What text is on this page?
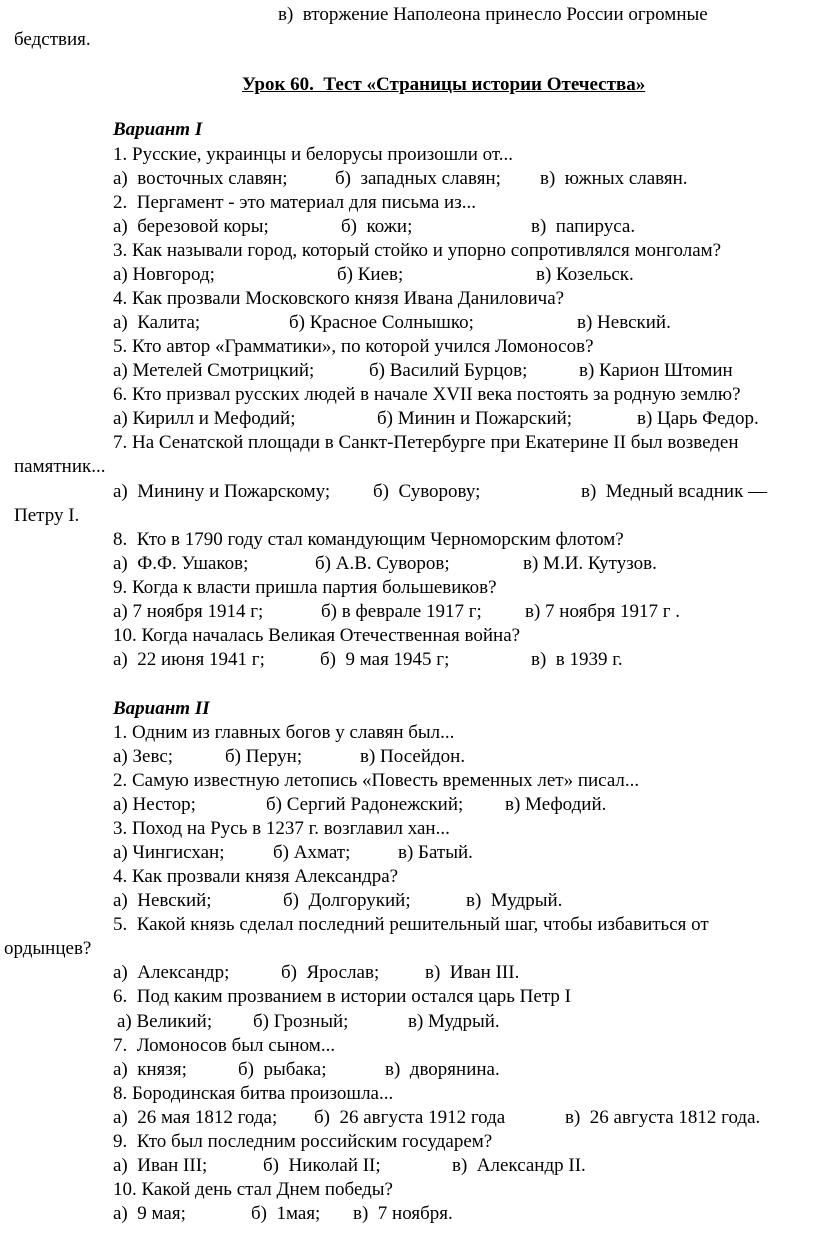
в)  вторжение Наполеона принесло России огромные
бедствия.
Урок 60.  Тест «Страницы истории Отечества»
Вариант I
1. Русские, украинцы и белорусы произошли от...
а)  восточных славян; б)  западных славян; в)  южных славян.
2.  Пергамент - это материал для письма из...
а)  березовой коры;	б)  кожи;	в)  папируса.
3. Как называли город, который стойко и упорно сопротивлялся монголам?
а) Новгород;	б) Киев;	в) Козельск.
4. Как прозвали Московского князя Ивана Даниловича?
а)  Калита;	б) Красное Солнышко;	в) Невский.
5. Кто автор «Грамматики», по которой учился Ломоносов?
а) Метелей Смотрицкий;	б) Василий Бурцов;	в) Карион Штомин
6. Кто призвал русских людей в начале XVII века постоять за родную землю?
а) Кирилл и Мефодий;	б) Минин и Пожарский;	в) Царь Федор.
7. На Сенатской площади в Санкт-Петербурге при Екатерине II был возведен
памятник...
а)  Минину и Пожарскому; б)  Суворову;	в)  Медный всадник —
Петру I.
8.  Кто в 1790 году стал командующим Черноморским флотом?
а)  Ф.Ф. Ушаков;	б) А.В. Суворов;	в) М.И. Кутузов.
9. Когда к власти пришла партия большевиков?
а) 7 ноября 1914 г;	б) в феврале 1917 г; в) 7 ноября 1917 г .
10. Когда началась Великая Отечественная война?
а)  22 июня 1941 г;	б)  9 мая 1945 г;	в)  в 1939 г.
Вариант II
1. Одним из главных богов у славян был...
а) Зевс;	б) Перун;	в) Посейдон.
2. Самую известную летопись «Повесть временных лет» писал...
а) Нестор;	б) Сергий Радонежский; в) Мефодий.
3. Поход на Русь в 1237 г. возглавил хан...
а) Чингисхан;	б) Ахмат;	в) Батый.
4. Как прозвали князя Александра?
а)  Невский;	б)  Долгорукий;	в)  Мудрый.
5.  Какой князь сделал последний решительный шаг, чтобы избавиться от
ордынцев?
а)  Александр;	б)  Ярослав; в)  Иван III.
6.  Под каким прозванием в истории остался царь Петр I
а) Великий; б) Грозный;	в) Мудрый.
7.  Ломоносов был сыном...
а)  князя;	б)  рыбака;	в)  дворянина.
8. Бородинская битва произошла...
а)  26 мая 1812 года; б)  26 августа 1912 года	в)  26 августа 1812 года.
9.  Кто был последним российским государем?
а)  Иван III;	б)  Николай II;	в)  Александр II.
10. Какой день стал Днем победы?
а)  9 мая;	б)  1мая; в)  7 ноября.
